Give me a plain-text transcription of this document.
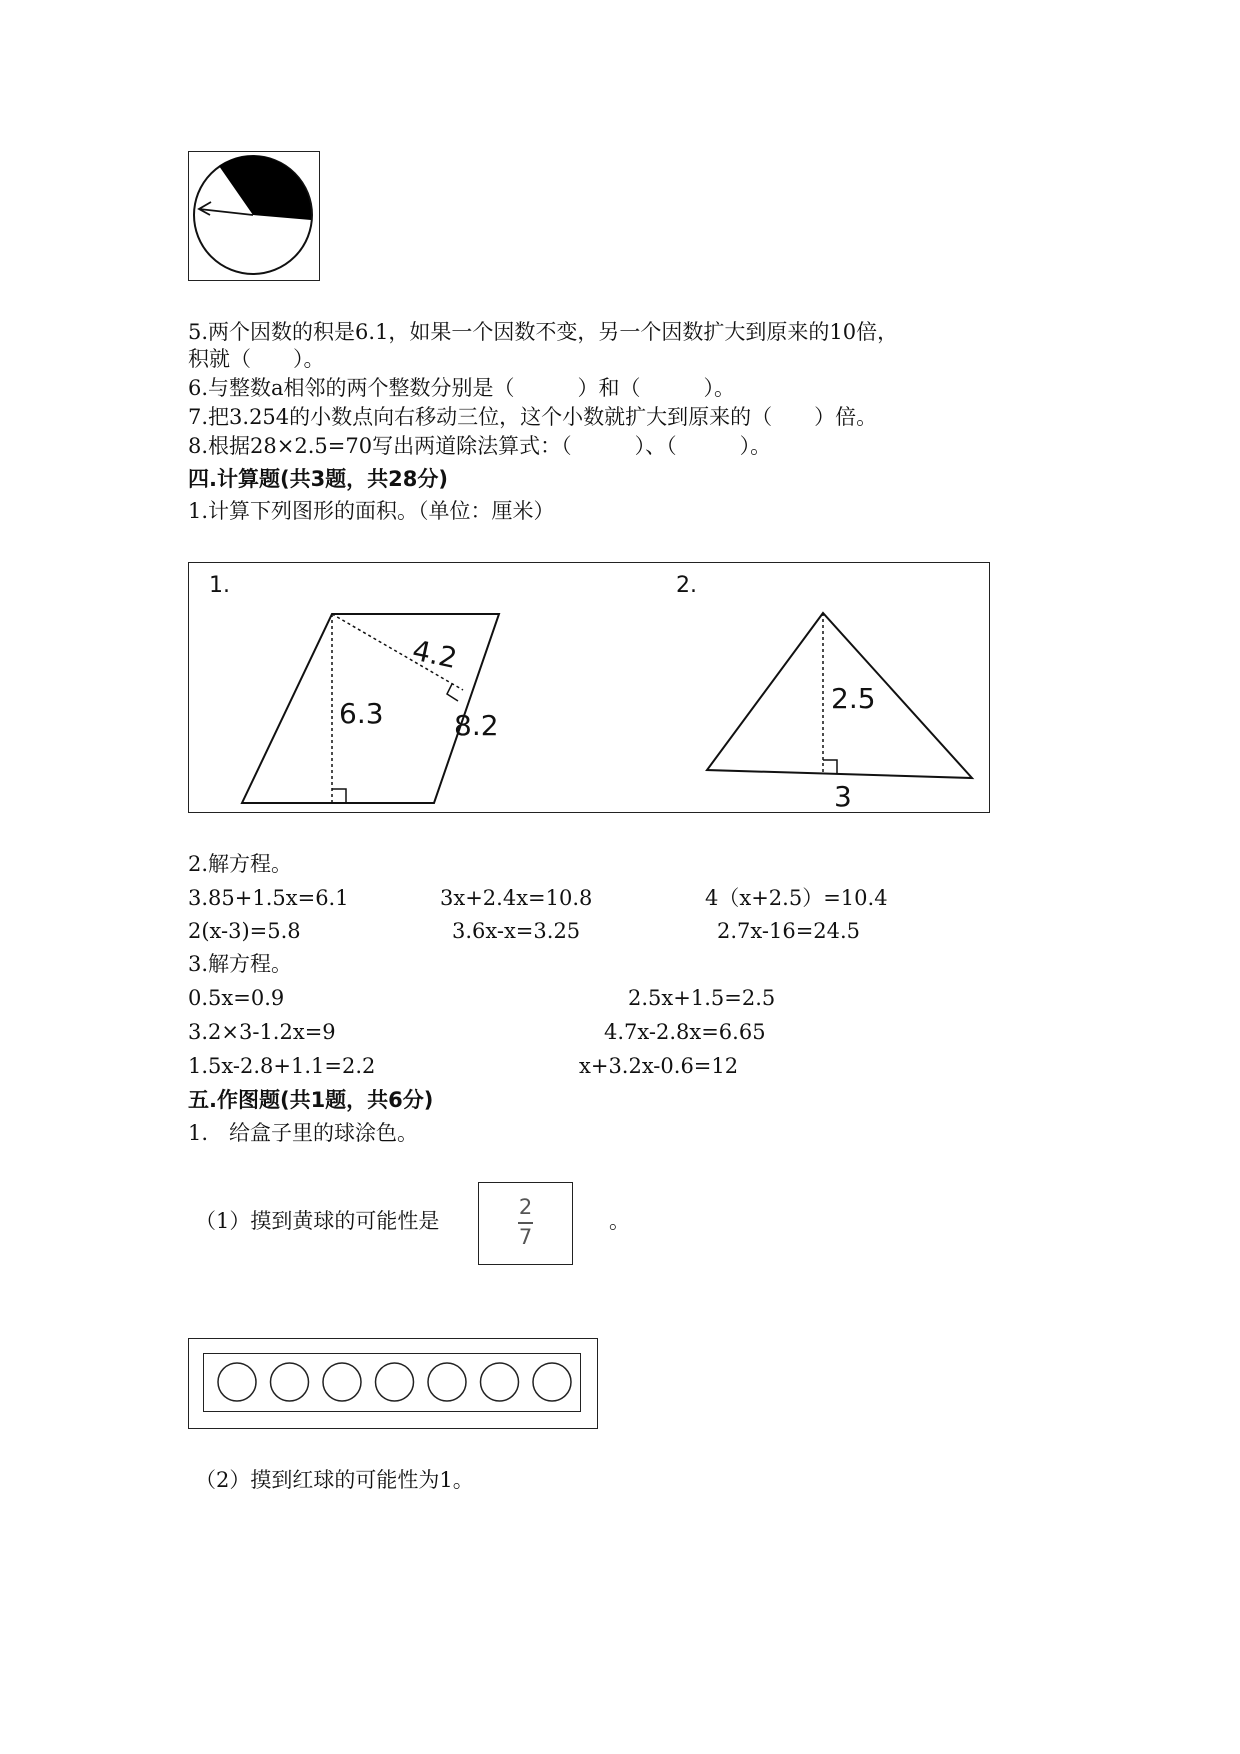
5.两个因数的积是6.1，如果一个因数不变，另一个因数扩大到原来的10倍，
积就（　　）。
6.与整数a相邻的两个整数分别是（　　　）和（　　　）。
7.把3.254的小数点向右移动三位，这个小数就扩大到原来的（　　）倍。
8.根据28×2.5=70写出两道除法算式：（　　　）、（　　　）。
四.计算题(共3题，共28分)
1.计算下列图形的面积。（单位：厘米）
1.
6.3	8.2
4.2
2.
2.5
3
2.解方程。
3.85+1.5x=6.1	3x+2.4x=10.8	4（x+2.5）=10.4
2(x-3)=5.8	3.6x-x=3.25	2.7x-16=24.5
3.解方程。
0.5x=0.9	2.5x+1.5=2.5
3.2×3-1.2x=9	4.7x-2.8x=6.65
1.5x-2.8+1.1=2.2	x+3.2x-0.6=12
五.作图题(共1题，共6分)
1.　给盒子里的球涂色。
（1）摸到黄球的可能性是
2
7
。
（2）摸到红球的可能性为1。
